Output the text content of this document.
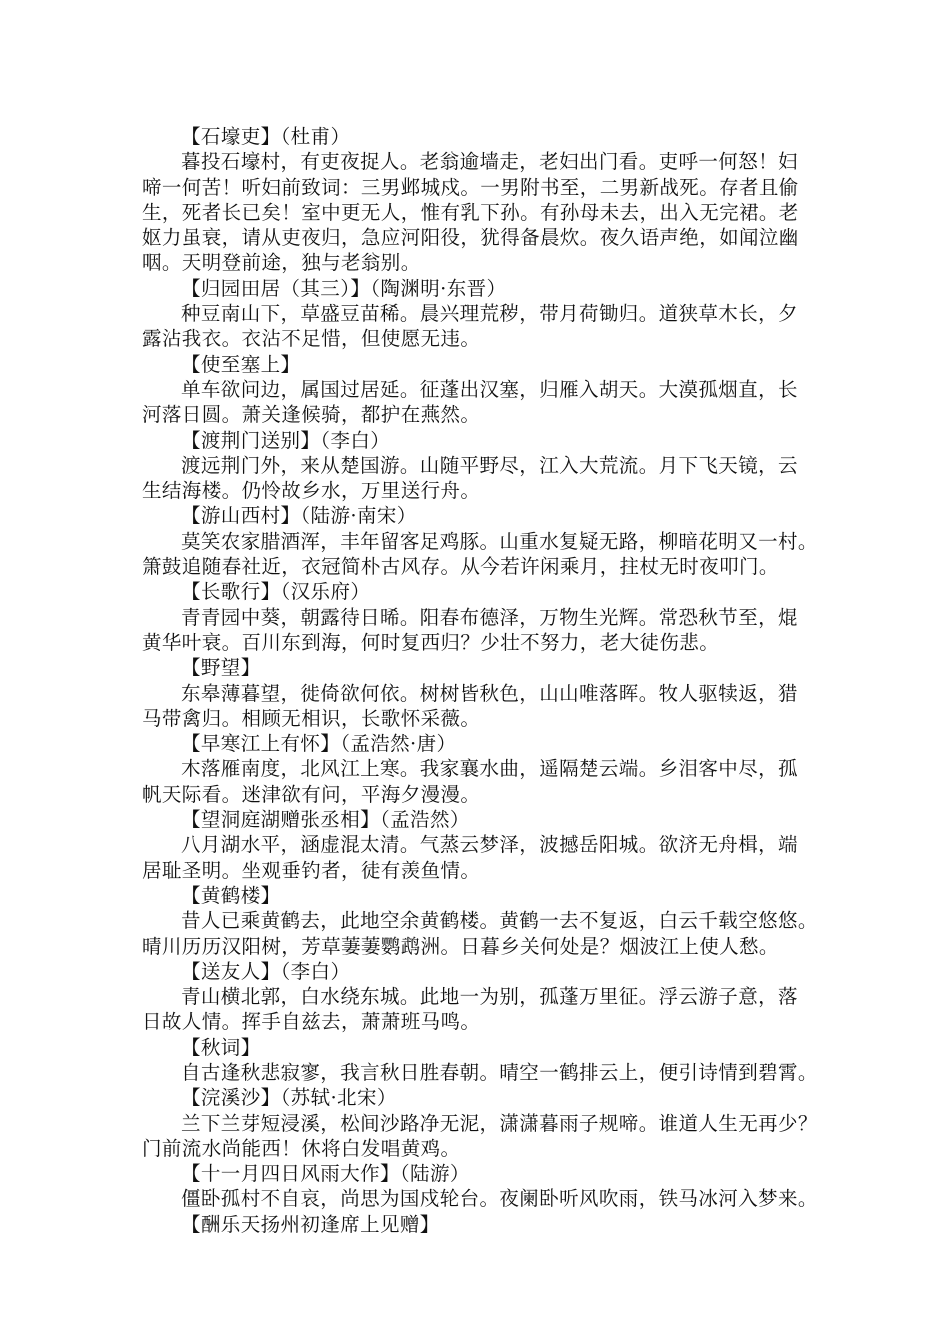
【石壕吏】（杜甫）
暮投石壕村，有吏夜捉人。老翁逾墙走，老妇出门看。吏呼一何怒！妇
啼一何苦！听妇前致词：三男邺城戍。一男附书至，二男新战死。存者且偷
生，死者长已矣！室中更无人，惟有乳下孙。有孙母未去，出入无完裙。老
妪力虽衰，请从吏夜归，急应河阳役，犹得备晨炊。夜久语声绝，如闻泣幽
咽。天明登前途，独与老翁别。
【归园田居（其三）】（陶渊明·东晋）
种豆南山下，草盛豆苗稀。晨兴理荒秽，带月荷锄归。道狭草木长，夕
露沾我衣。衣沾不足惜，但使愿无违。
【使至塞上】
单车欲问边，属国过居延。征蓬出汉塞，归雁入胡天。大漠孤烟直，长
河落日圆。萧关逢候骑，都护在燕然。
【渡荆门送别】（李白）
渡远荆门外，来从楚国游。山随平野尽，江入大荒流。月下飞天镜，云
生结海楼。仍怜故乡水，万里送行舟。
【游山西村】（陆游·南宋）
莫笑农家腊酒浑，丰年留客足鸡豚。山重水复疑无路，柳暗花明又一村。
箫鼓追随春社近，衣冠简朴古风存。从今若许闲乘月，拄杖无时夜叩门。
【长歌行】（汉乐府）
青青园中葵，朝露待日晞。阳春布德泽，万物生光辉。常恐秋节至，焜
黄华叶衰。百川东到海，何时复西归？少壮不努力，老大徒伤悲。
【野望】
东皋薄暮望，徙倚欲何依。树树皆秋色，山山唯落晖。牧人驱犊返，猎
马带禽归。相顾无相识，长歌怀采薇。
【早寒江上有怀】（孟浩然·唐）
木落雁南度，北风江上寒。我家襄水曲，遥隔楚云端。乡泪客中尽，孤
帆天际看。迷津欲有问，平海夕漫漫。
【望洞庭湖赠张丞相】（孟浩然）
八月湖水平，涵虚混太清。气蒸云梦泽，波撼岳阳城。欲济无舟楫，端
居耻圣明。坐观垂钓者，徒有羡鱼情。
【黄鹤楼】
昔人已乘黄鹤去，此地空余黄鹤楼。黄鹤一去不复返，白云千载空悠悠。
晴川历历汉阳树，芳草萋萋鹦鹉洲。日暮乡关何处是？烟波江上使人愁。
【送友人】（李白）
青山横北郭，白水绕东城。此地一为别，孤蓬万里征。浮云游子意，落
日故人情。挥手自兹去，萧萧班马鸣。
【秋词】
自古逢秋悲寂寥，我言秋日胜春朝。晴空一鹤排云上，便引诗情到碧霄。
【浣溪沙】（苏轼·北宋）
兰下兰芽短浸溪，松间沙路净无泥，潇潇暮雨子规啼。谁道人生无再少？
门前流水尚能西！休将白发唱黄鸡。
【十一月四日风雨大作】（陆游）
僵卧孤村不自哀，尚思为国戍轮台。夜阑卧听风吹雨，铁马冰河入梦来。
【酬乐天扬州初逢席上见赠】
